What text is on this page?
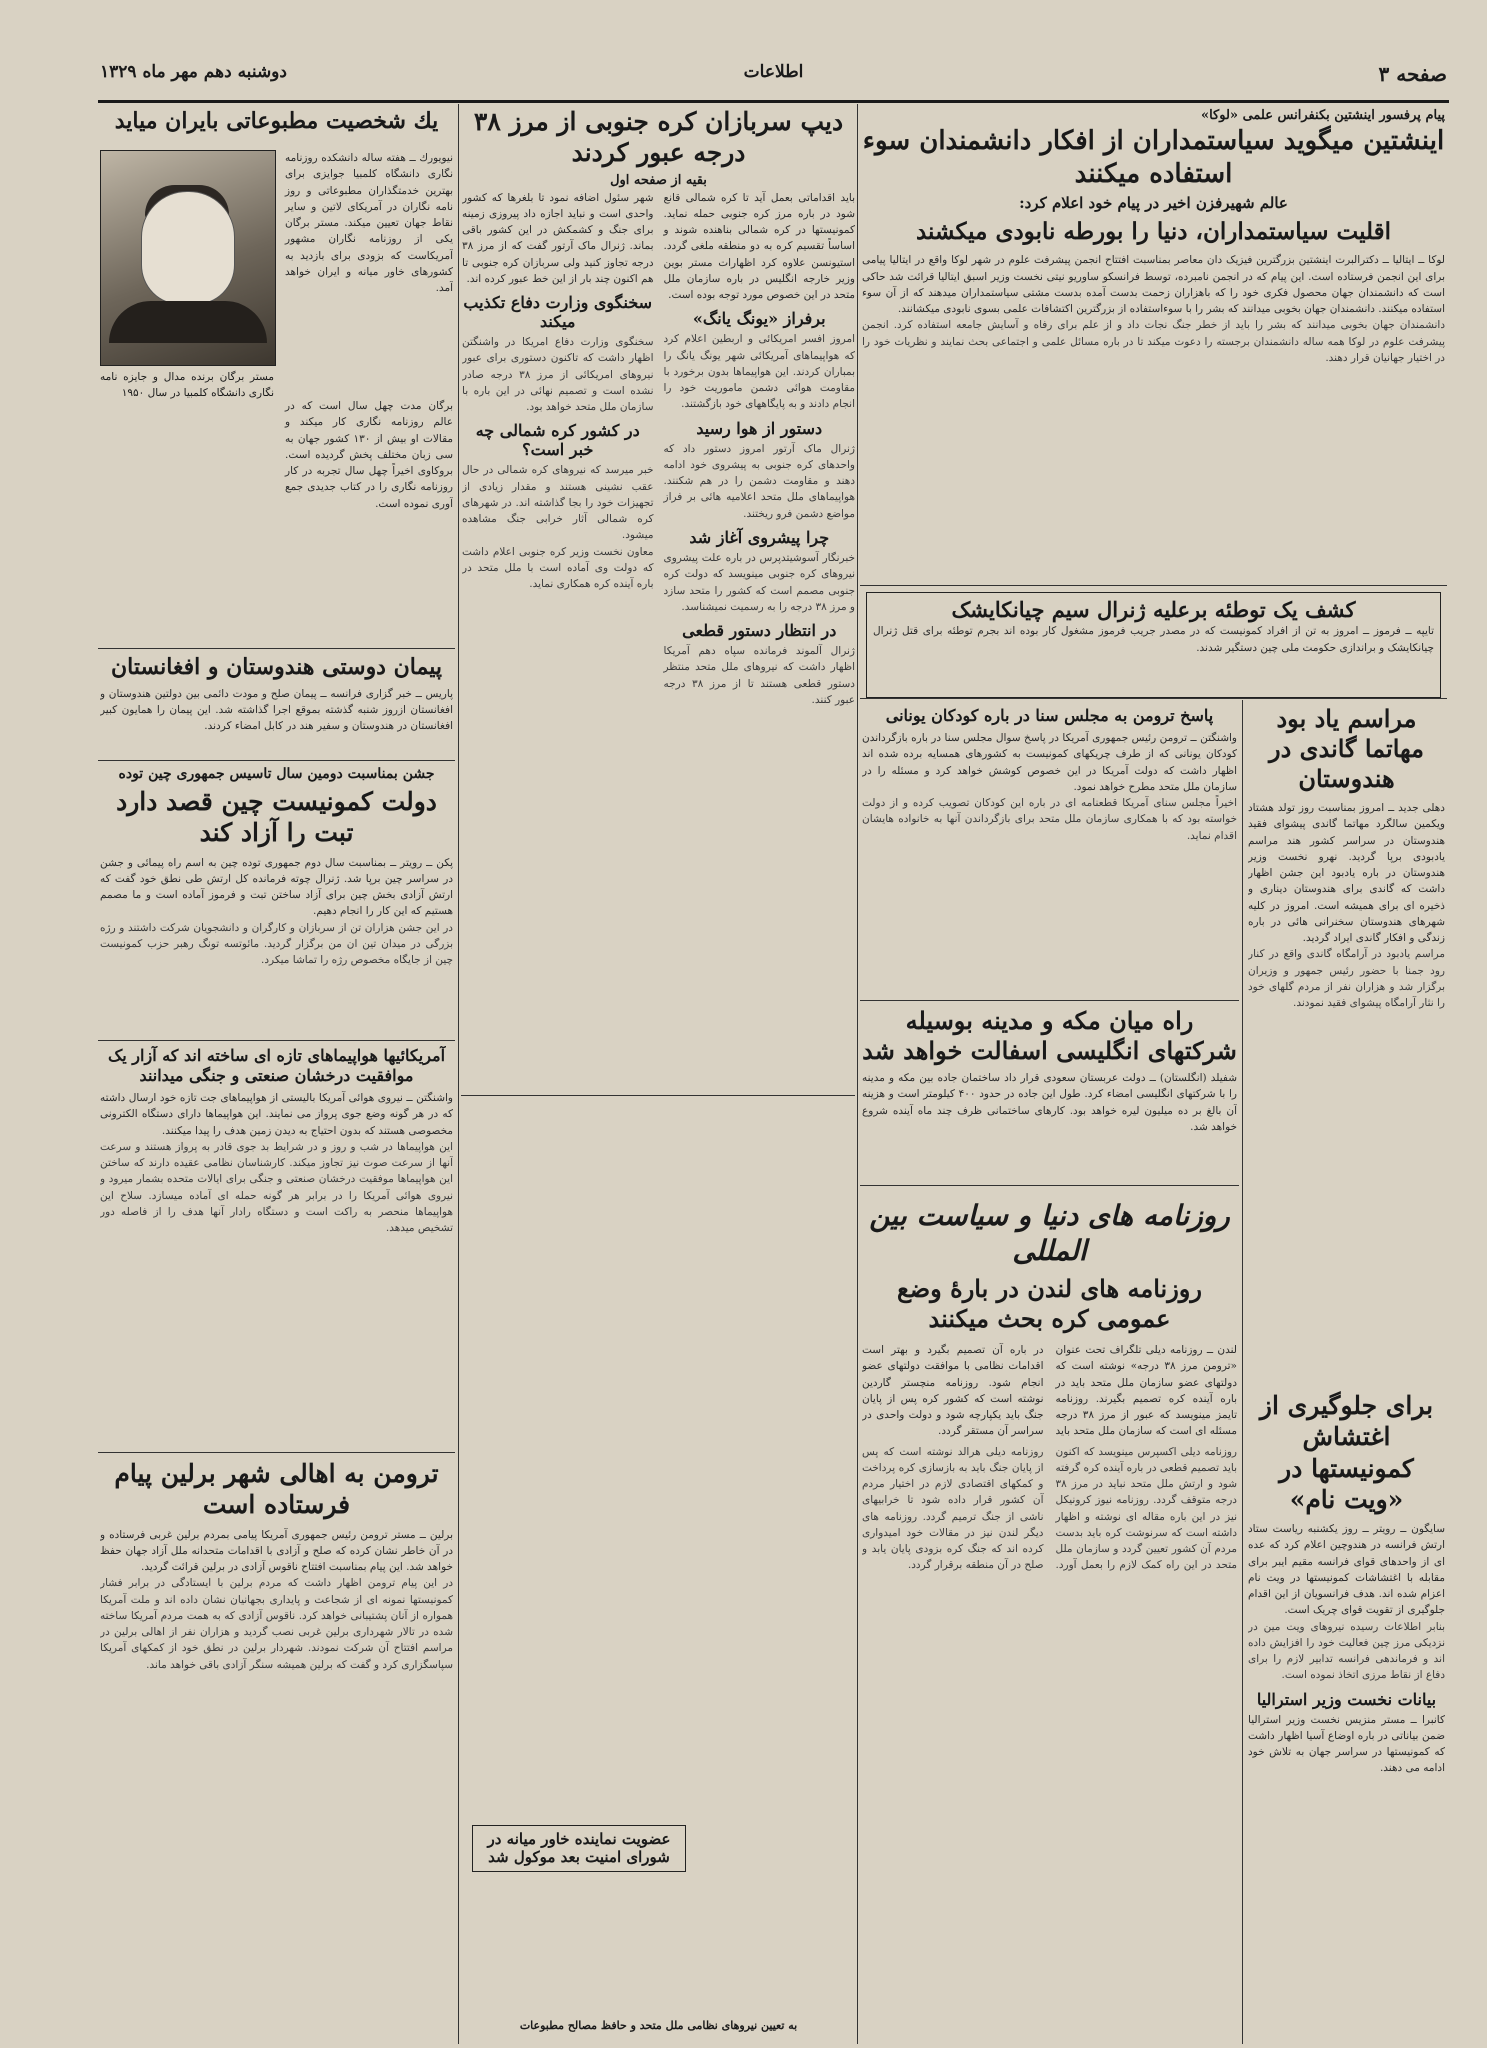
صفحه ۳
اطلاعات
دوشنبه دهم مهر ماه ۱۳۲۹
پیام پرفسور اینشتین بکنفرانس علمی «لوکا»
اینشتین میگوید سیاستمداران از افکار دانشمندان سوء استفاده میکنند
عالم شهیرفزن اخیر در پیام خود اعلام کرد:
اقلیت سیاستمداران، دنیا را بورطه نابودی میکشند
لوکا ــ ایتالیا ــ دکترالبرت اینشتین بزرگترین فیزیک دان معاصر بمناسبت افتتاح انجمن پیشرفت علوم در شهر لوکا واقع در ایتالیا پیامی برای این انجمن فرستاده است. این پیام که در انجمن نامبرده، توسط فرانسکو ساوریو نیتی نخست وزیر اسبق ایتالیا قرائت شد حاکی است که دانشمندان جهان محصول فکری خود را که باهزاران زحمت بدست آمده بدست مشتی سیاستمداران میدهند که از آن سوء استفاده میکنند. دانشمندان جهان بخوبی میدانند که بشر را با سوءاستفاده از بزرگترین اکتشافات علمی بسوی نابودی میکشانند.
دانشمندان جهان بخوبی میدانند که بشر را باید از خطر جنگ نجات داد و از علم برای رفاه و آسایش جامعه استفاده کرد. انجمن پیشرفت علوم در لوکا همه ساله دانشمندان برجسته را دعوت میکند تا در باره مسائل علمی و اجتماعی بحث نمایند و نظریات خود را در اختیار جهانیان قرار دهند.
کشف یک توطئه برعلیه ژنرال سیم چیانکایشک
تایپه ــ فرموز ــ امروز به تن از افراد کمونیست که در مصدر جریب فرموز مشغول کار بوده اند بجرم توطئه برای قتل ژنرال چیانکایشک و براندازی حکومت ملی چین دستگیر شدند.
مراسم یاد بود مهاتما گاندی در هندوستان
دهلی جدید ــ امروز بمناسبت روز تولد هشتاد ویکمین سالگرد مهاتما گاندی پیشوای فقید هندوستان در سراسر کشور هند مراسم یادبودی برپا گردید. نهرو نخست وزیر هندوستان در باره یادبود این جشن اظهار داشت که گاندی برای هندوستان دیناری و ذخیره ای برای همیشه است. امروز در کلیه شهرهای هندوستان سخنرانی هائی در باره زندگی و افکار گاندی ایراد گردید.
مراسم یادبود در آرامگاه گاندی واقع در کنار رود جمنا با حضور رئیس جمهور و وزیران برگزار شد و هزاران نفر از مردم گلهای خود را نثار آرامگاه پیشوای فقید نمودند.
برای جلوگیری از اغتشاش کمونیستها در «ویت نام»
سایگون ــ رویتر ــ روز یکشنبه ریاست ستاد ارتش فرانسه در هندوچین اعلام کرد که عده ای از واحدهای قوای فرانسه مقیم ایبر برای مقابله با اغتشاشات کمونیستها در ویت نام اعزام شده اند. هدف فرانسویان از این اقدام جلوگیری از تقویت قوای چریک است.
بنابر اطلاعات رسیده نیروهای ویت مین در نزدیکی مرز چین فعالیت خود را افزایش داده اند و فرماندهی فرانسه تدابیر لازم را برای دفاع از نقاط مرزی اتخاذ نموده است.
بیانات نخست وزیر استرالیا
کانبرا ــ مستر منزیس نخست وزیر استرالیا ضمن بیاناتی در باره اوضاع آسیا اظهار داشت که کمونیستها در سراسر جهان به تلاش خود ادامه می دهند.
پاسخ ترومن به مجلس سنا در باره کودکان یونانی
واشنگتن ــ ترومن رئیس جمهوری آمریکا در پاسخ سوال مجلس سنا در باره بازگرداندن کودکان یونانی که از طرف چریکهای کمونیست به کشورهای همسایه برده شده اند اظهار داشت که دولت آمریکا در این خصوص کوشش خواهد کرد و مسئله را در سازمان ملل متحد مطرح خواهد نمود.
اخیراً مجلس سنای آمریکا قطعنامه ای در باره این کودکان تصویب کرده و از دولت خواسته بود که با همکاری سازمان ملل متحد برای بازگرداندن آنها به خانواده هایشان اقدام نماید.
راه میان مکه و مدینه بوسیله شرکتهای انگلیسی اسفالت خواهد شد
شفیلد (انگلستان) ــ دولت عربستان سعودی قرار داد ساختمان جاده بین مکه و مدینه را با شرکتهای انگلیسی امضاء کرد. طول این جاده در حدود ۴۰۰ کیلومتر است و هزینه آن بالغ بر ده میلیون لیره خواهد بود. کارهای ساختمانی ظرف چند ماه آینده شروع خواهد شد.
روزنامه های دنیا و سیاست بین المللی
روزنامه های لندن در بارهٔ وضع عمومی کره بحث میکنند
لندن ــ روزنامه دیلی تلگراف تحت عنوان «ترومن مرز ۳۸ درجه» نوشته است که دولتهای عضو سازمان ملل متحد باید در باره آینده کره تصمیم بگیرند. روزنامه تایمز مینویسد که عبور از مرز ۳۸ درجه مسئله ای است که سازمان ملل متحد باید در باره آن تصمیم بگیرد و بهتر است اقدامات نظامی با موافقت دولتهای عضو انجام شود. روزنامه منچستر گاردین نوشته است که کشور کره پس از پایان جنگ باید یکپارچه شود و دولت واحدی در سراسر آن مستقر گردد.
روزنامه دیلی اکسپرس مینویسد که اکنون باید تصمیم قطعی در باره آینده کره گرفته شود و ارتش ملل متحد نباید در مرز ۳۸ درجه متوقف گردد. روزنامه نیوز کرونیکل نیز در این باره مقاله ای نوشته و اظهار داشته است که سرنوشت کره باید بدست مردم آن کشور تعیین گردد و سازمان ملل متحد در این راه کمک لازم را بعمل آورد. روزنامه دیلی هرالد نوشته است که پس از پایان جنگ باید به بازسازی کره پرداخت و کمکهای اقتصادی لازم در اختیار مردم آن کشور قرار داده شود تا خرابیهای ناشی از جنگ ترمیم گردد. روزنامه های دیگر لندن نیز در مقالات خود امیدواری کرده اند که جنگ کره بزودی پایان یابد و صلح در آن منطقه برقرار گردد.
دیپ سربازان کره جنوبی از مرز ۳۸ درجه عبور کردند
بقیه از صفحه اول
باید اقداماتی بعمل آید تا کره شمالی قانع شود در باره مرز کره جنوبی حمله نماید. کمونیستها در کره شمالی بناهنده شوند و اساساً تقسیم کره به دو منطقه ملغی گردد. استیونسن علاوه کرد اظهارات مستر بوین وزیر خارجه انگلیس در باره سازمان ملل متحد در این خصوص مورد توجه بوده است.
برفراز «یونگ یانگ»
امروز افسر امریکائی و اربطین اعلام کرد که هواپیماهای آمریکائی شهر یونگ یانگ را بمباران کردند. این هواپیماها بدون برخورد با مقاومت هوائی دشمن ماموریت خود را انجام دادند و به پایگاههای خود بازگشتند.
دستور از هوا رسید
ژنرال ماک آرتور امروز دستور داد که واحدهای کره جنوبی به پیشروی خود ادامه دهند و مقاومت دشمن را در هم شکنند. هواپیماهای ملل متحد اعلامیه هائی بر فراز مواضع دشمن فرو ریختند.
چرا پیشروی آغاز شد
خبرنگار آسوشیتدپرس در باره علت پیشروی نیروهای کره جنوبی مینویسد که دولت کره جنوبی مصمم است که کشور را متحد سازد و مرز ۳۸ درجه را به رسمیت نمیشناسد.
در انتظار دستور قطعی
ژنرال آلموند فرمانده سپاه دهم آمریکا اظهار داشت که نیروهای ملل متحد منتظر دستور قطعی هستند تا از مرز ۳۸ درجه عبور کنند.
شهر سئول اضافه نمود تا بلغرها که کشور واحدی است و نباید اجازه داد پیروزی زمینه برای جنگ و کشمکش در این کشور باقی بماند. ژنرال ماک آرتور گفت که از مرز ۳۸ درجه تجاوز کنید ولی سربازان کره جنوبی تا هم اکنون چند بار از این خط عبور کرده اند.
سخنگوی وزارت دفاع تکذیب میکند
سخنگوی وزارت دفاع امریکا در واشنگتن اظهار داشت که تاکنون دستوری برای عبور نیروهای امریکائی از مرز ۳۸ درجه صادر نشده است و تصمیم نهائی در این باره با سازمان ملل متحد خواهد بود.
در کشور کره شمالی چه خبر است؟
خبر میرسد که نیروهای کره شمالی در حال عقب نشینی هستند و مقدار زیادی از تجهیزات خود را بجا گذاشته اند. در شهرهای کره شمالی آثار خرابی جنگ مشاهده میشود.
معاون نخست وزیر کره جنوبی اعلام داشت که دولت وی آماده است با ملل متحد در باره آینده کره همکاری نماید.
عضویت نماینده خاور میانه در شورای امنیت بعد موکول شد
به تعیین نیروهای نظامی ملل متحد و حافظ مصالح مطبوعات
یك شخصیت مطبوعاتی بایران میاید
نیویورك ــ هفته ساله دانشکده روزنامه نگاری دانشگاه کلمبیا جوایزی برای بهترین خدمتگذاران مطبوعاتی و روز نامه نگاران در آمریکای لاتین و سایر نقاط جهان تعیین میکند. مستر برگان یکی از روزنامه نگاران مشهور آمریکاست که بزودی برای بازدید به کشورهای خاور میانه و ایران خواهد آمد.
مستر برگان برنده مدال و جایزه نامه نگاری دانشگاه کلمبیا در سال ۱۹۵۰
برگان مدت چهل سال است که در عالم روزنامه نگاری کار میکند و مقالات او بیش از ۱۳۰ کشور جهان به سی زبان مختلف پخش گردیده است. بروکاوی اخیراً چهل سال تجربه در کار روزنامه نگاری را در کتاب جدیدی جمع آوری نموده است.
پیمان دوستی هندوستان و افغانستان
پاریس ــ خبر گزاری فرانسه ــ پیمان صلح و مودت دائمی بین دولتین هندوستان و افغانستان ازروز شنبه گذشته بموقع اجرا گذاشته شد. این پیمان را همایون کبیر افغانستان در هندوستان و سفیر هند در کابل امضاء کردند.
جشن بمناسبت دومین سال تاسیس جمهوری چین توده
دولت کمونیست چین قصد دارد تبت را آزاد کند
پکن ــ رویتر ــ بمناسبت سال دوم جمهوری توده چین به اسم راه پیمائی و جشن در سراسر چین برپا شد. ژنرال چوته فرمانده کل ارتش طی نطق خود گفت که ارتش آزادی بخش چین برای آزاد ساختن تبت و فرموز آماده است و ما مصمم هستیم که این کار را انجام دهیم.
در این جشن هزاران تن از سربازان و کارگران و دانشجویان شرکت داشتند و رژه بزرگی در میدان تین ان من برگزار گردید. مائوتسه تونگ رهبر حزب کمونیست چین از جایگاه مخصوص رژه را تماشا میکرد.
آمریکائیها هواپیماهای تازه ای ساخته اند که آزار یک موافقیت درخشان صنعتی و جنگی میدانند
واشنگتن ــ نیروی هوائی آمریکا بالیستی از هواپیماهای جت تازه خود ارسال داشته که در هر گونه وضع جوی پرواز می نمایند. این هواپیماها دارای دستگاه الکترونی مخصوصی هستند که بدون احتیاج به دیدن زمین هدف را پیدا میکنند.
این هواپیماها در شب و روز و در شرایط بد جوی قادر به پرواز هستند و سرعت آنها از سرعت صوت نیز تجاوز میکند. کارشناسان نظامی عقیده دارند که ساختن این هواپیماها موفقیت درخشان صنعتی و جنگی برای ایالات متحده بشمار میرود و نیروی هوائی آمریکا را در برابر هر گونه حمله ای آماده میسازد. سلاح این هواپیماها منحصر به راکت است و دستگاه رادار آنها هدف را از فاصله دور تشخیص میدهد.
ترومن به اهالی شهر برلین پیام فرستاده است
برلین ــ مستر ترومن رئیس جمهوری آمریکا پیامی بمردم برلین غربی فرستاده و در آن خاطر نشان کرده که صلح و آزادی با اقدامات متحدانه ملل آزاد جهان حفظ خواهد شد. این پیام بمناسبت افتتاح ناقوس آزادی در برلین قرائت گردید.
در این پیام ترومن اظهار داشت که مردم برلین با ایستادگی در برابر فشار کمونیستها نمونه ای از شجاعت و پایداری بجهانیان نشان داده اند و ملت آمریکا همواره از آنان پشتیبانی خواهد کرد. ناقوس آزادی که به همت مردم آمریکا ساخته شده در تالار شهرداری برلین غربی نصب گردید و هزاران نفر از اهالی برلین در مراسم افتتاح آن شرکت نمودند. شهردار برلین در نطق خود از کمکهای آمریکا سپاسگزاری کرد و گفت که برلین همیشه سنگر آزادی باقی خواهد ماند.
